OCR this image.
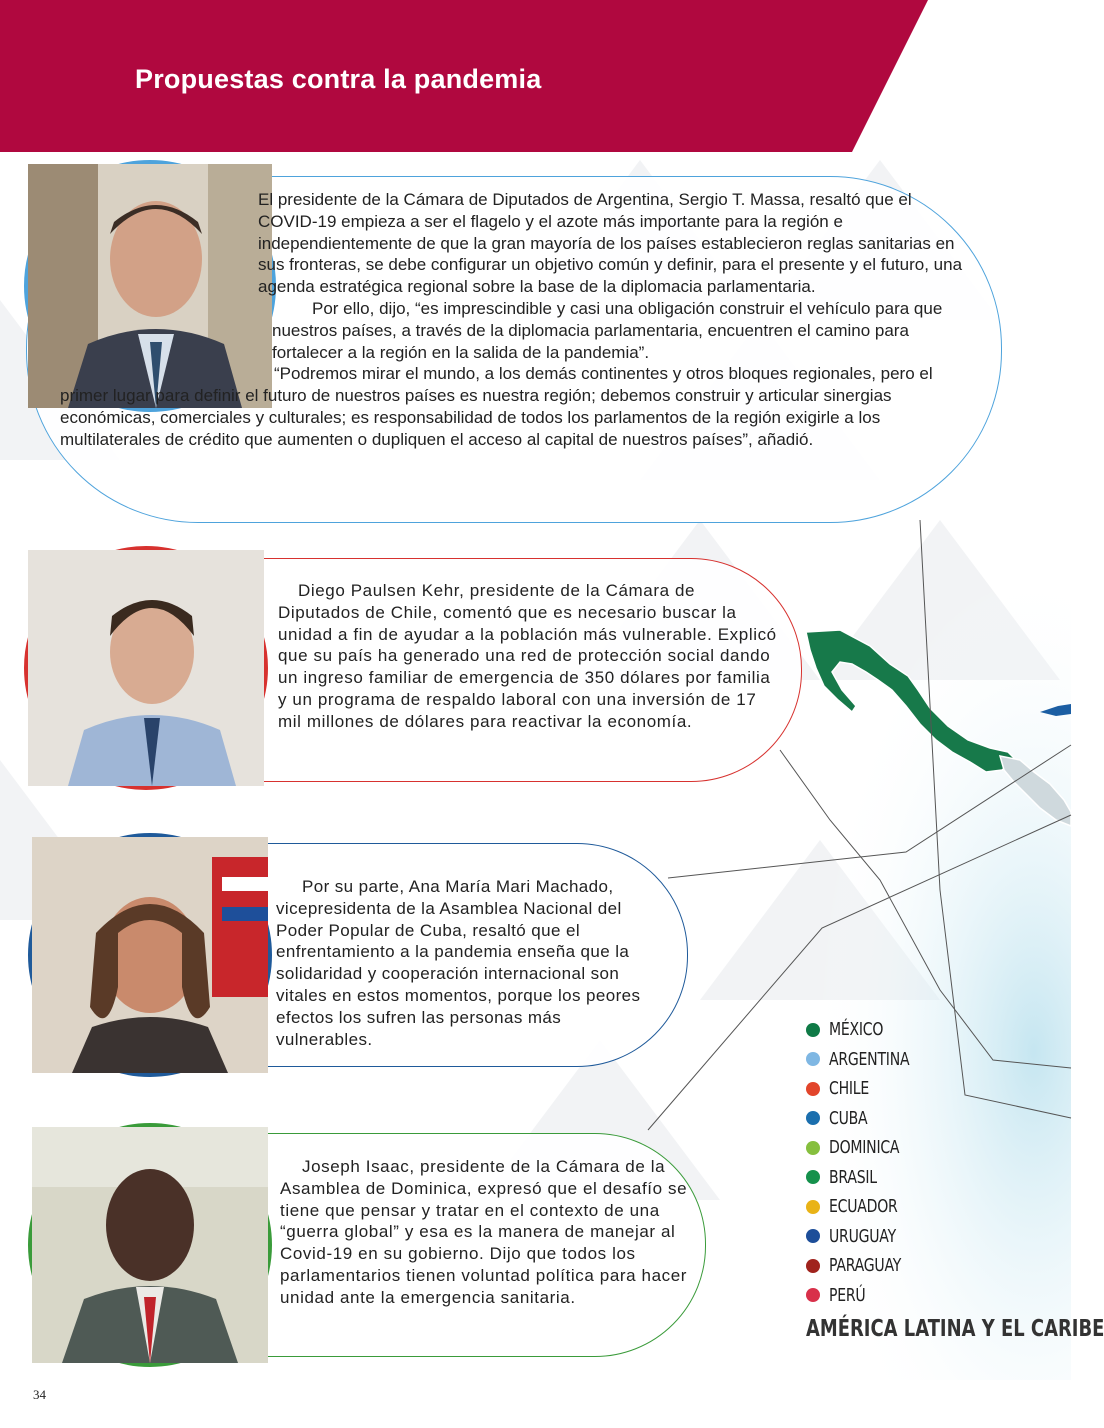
Propuestas contra la pandemia

El presidente de la Cámara de Diputados de Argentina, Sergio T. Massa, resaltó que el COVID-19 empieza a ser el flagelo y el azote más importante para la región e independientemente de que la gran mayoría de los países establecieron reglas sanitarias en sus fronteras, se debe configurar un objetivo común y definir, para el presente y el futuro, una agenda estratégica regional sobre la base de la diplomacia parlamentaria.

Por ello, dijo, “es imprescindible y casi una obligación construir el vehículo para que nuestros países, a través de la diplomacia parlamentaria, encuentren el camino para fortalecer a la región en la salida de la pandemia”.

“Podremos mirar el mundo, a los demás continentes y otros bloques regionales, pero el primer lugar para definir el futuro de nuestros países es nuestra región; debemos construir y articular sinergias económicas, comerciales y culturales; es responsabilidad de todos los parlamentos de la región exigirle a los multilaterales de crédito que aumenten o dupliquen el acceso al capital de nuestros países”, añadió.

Diego Paulsen Kehr, presidente de la Cámara de Diputados de Chile, comentó que es necesario buscar la unidad a fin de ayudar a la población más vulnerable. Explicó que su país ha generado una red de protección social dando un ingreso familiar de emergencia de 350 dólares por familia y un programa de respaldo laboral con una inversión de 17 mil millones de dólares para reactivar la economía.

Por su parte, Ana María Mari Machado, vicepresidenta de la Asamblea Nacional del Poder Popular de Cuba, resaltó que el enfrentamiento a la pandemia enseña que la solidaridad y cooperación internacional son vitales en estos momentos, porque los peores efectos los sufren las personas más vulnerables.

Joseph Isaac, presidente de la Cámara de la Asamblea de Dominica, expresó que el desafío se tiene que pensar y tratar en el contexto de una “guerra global” y esa es la manera de manejar al Covid-19 en su gobierno. Dijo que todos los parlamentarios tienen voluntad política para hacer unidad ante la emergencia sanitaria.

MÉXICO
ARGENTINA
CHILE
CUBA
DOMINICA
BRASIL
ECUADOR
URUGUAY
PARAGUAY
PERÚ
AMÉRICA LATINA Y EL CARIBE
34
